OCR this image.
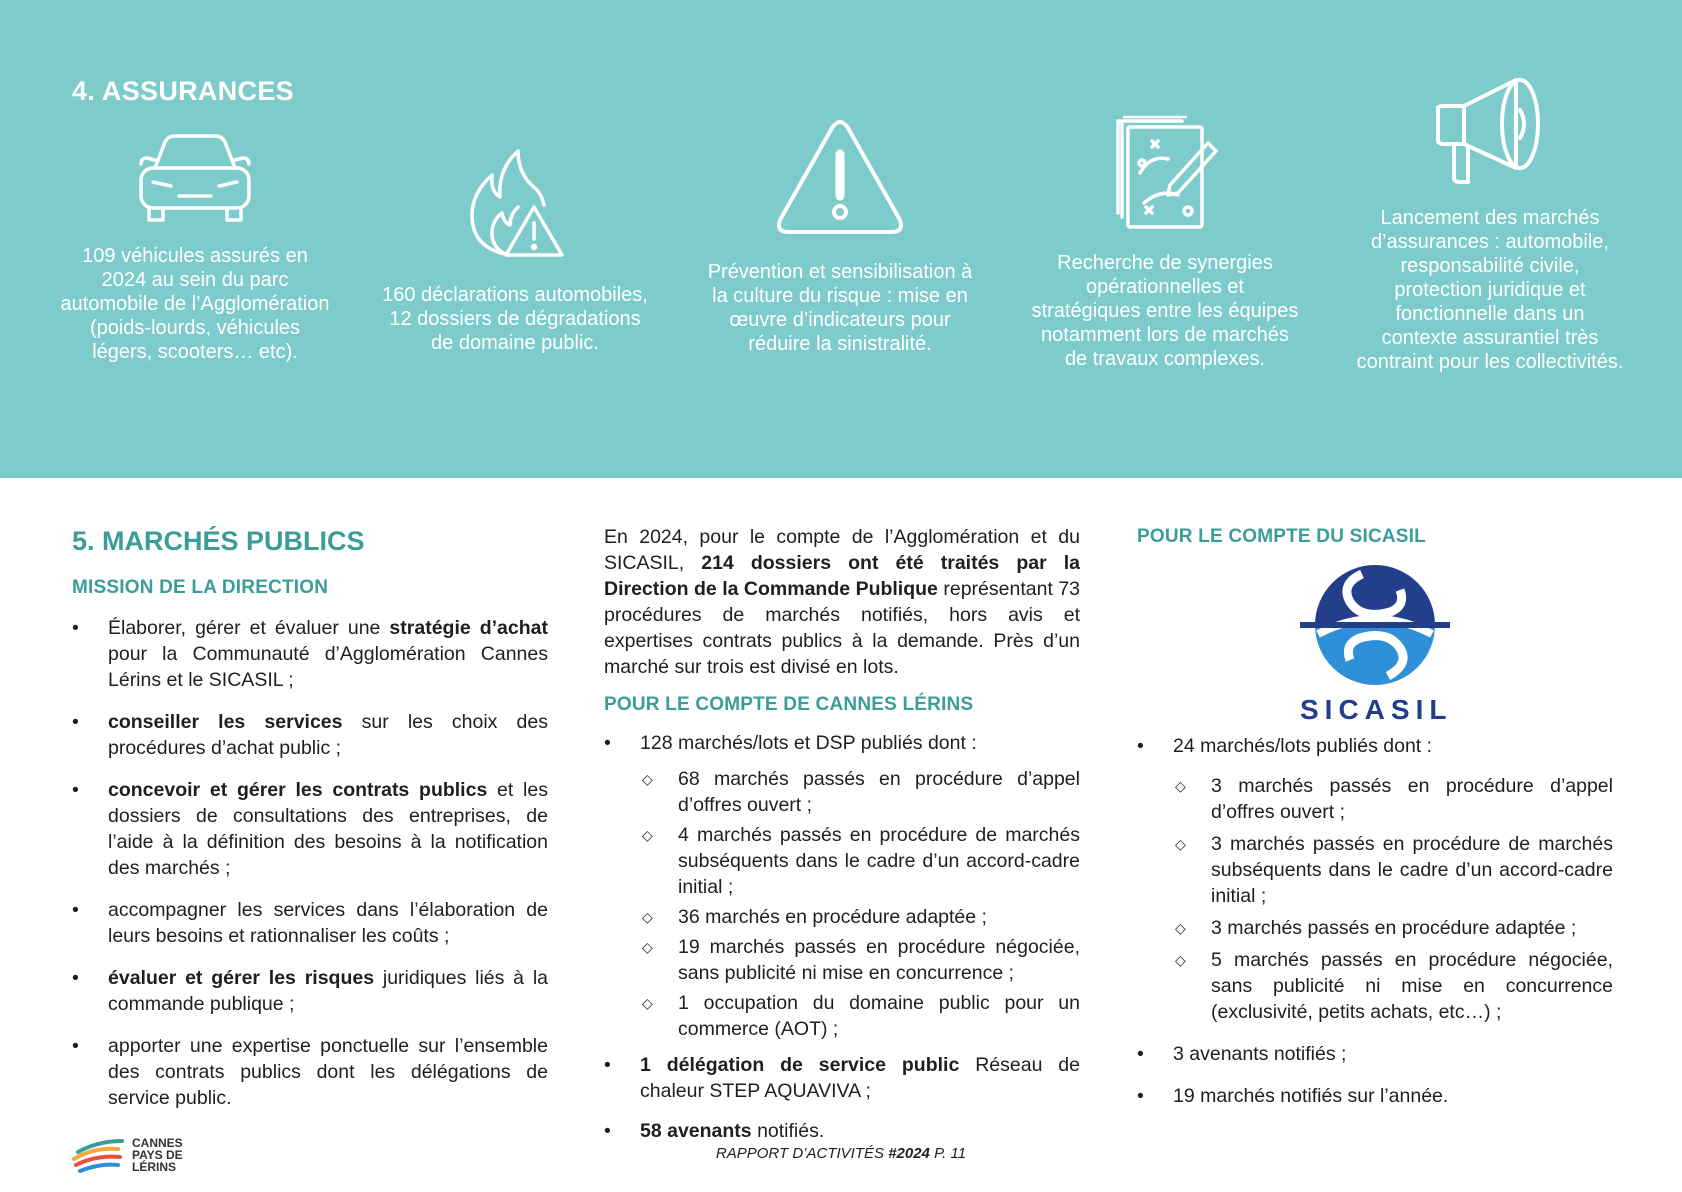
4. ASSURANCES

109 véhicules assurés en 2024 au sein du parc automobile de l’Agglomération (poids-lourds, véhicules légers, scooters… etc).

160 déclarations automobiles, 12 dossiers de dégradations de domaine public.

Prévention et sensibilisation à la culture du risque : mise en œuvre d’indicateurs pour réduire la sinistralité.

Recherche de synergies opérationnelles et stratégiques entre les équipes notamment lors de marchés de travaux complexes.

Lancement des marchés d’assurances : automobile, responsabilité civile, protection juridique et fonctionnelle dans un contexte assurantiel très contraint pour les collectivités.

5. MARCHÉS PUBLICS
MISSION DE LA DIRECTION
• Élaborer, gérer et évaluer une stratégie d’achat pour la Communauté d’Agglomération Cannes Lérins et le SICASIL ;
• conseiller les services sur les choix des procédures d’achat public ;
• concevoir et gérer les contrats publics et les dossiers de consultations des entreprises, de l’aide à la définition des besoins à la notification des marchés ;
• accompagner les services dans l’élaboration de leurs besoins et rationnaliser les coûts ;
• évaluer et gérer les risques juridiques liés à la commande publique ;
• apporter une expertise ponctuelle sur l’ensemble des contrats publics dont les délégations de service public.

En 2024, pour le compte de l’Agglomération et du SICASIL, 214 dossiers ont été traités par la Direction de la Commande Publique représentant 73 procédures de marchés notifiés, hors avis et expertises contrats publics à la demande. Près d’un marché sur trois est divisé en lots.

POUR LE COMPTE DE CANNES LÉRINS
• 128 marchés/lots et DSP publiés dont :
◇ 68 marchés passés en procédure d’appel d’offres ouvert ;
◇ 4 marchés passés en procédure de marchés subséquents dans le cadre d’un accord-cadre initial ;
◇ 36 marchés en procédure adaptée ;
◇ 19 marchés passés en procédure négociée, sans publicité ni mise en concurrence ;
◇ 1 occupation du domaine public pour un commerce (AOT) ;
• 1 délégation de service public Réseau de chaleur STEP AQUAVIVA ;
• 58 avenants notifiés.
POUR LE COMPTE DU SICASIL
SICASIL
• 24 marchés/lots publiés dont :
◇ 3 marchés passés en procédure d’appel d’offres ouvert ;
◇ 3 marchés passés en procédure de marchés subséquents dans le cadre d’un accord-cadre initial ;
◇ 3 marchés passés en procédure adaptée ;
◇ 5 marchés passés en procédure négociée, sans publicité ni mise en concurrence (exclusivité, petits achats, etc…) ;
• 3 avenants notifiés ;
• 19 marchés notifiés sur l’année.
CANNES
PAYS DE
LÉRINS
RAPPORT D’ACTIVITÉS #2024 P. 11
